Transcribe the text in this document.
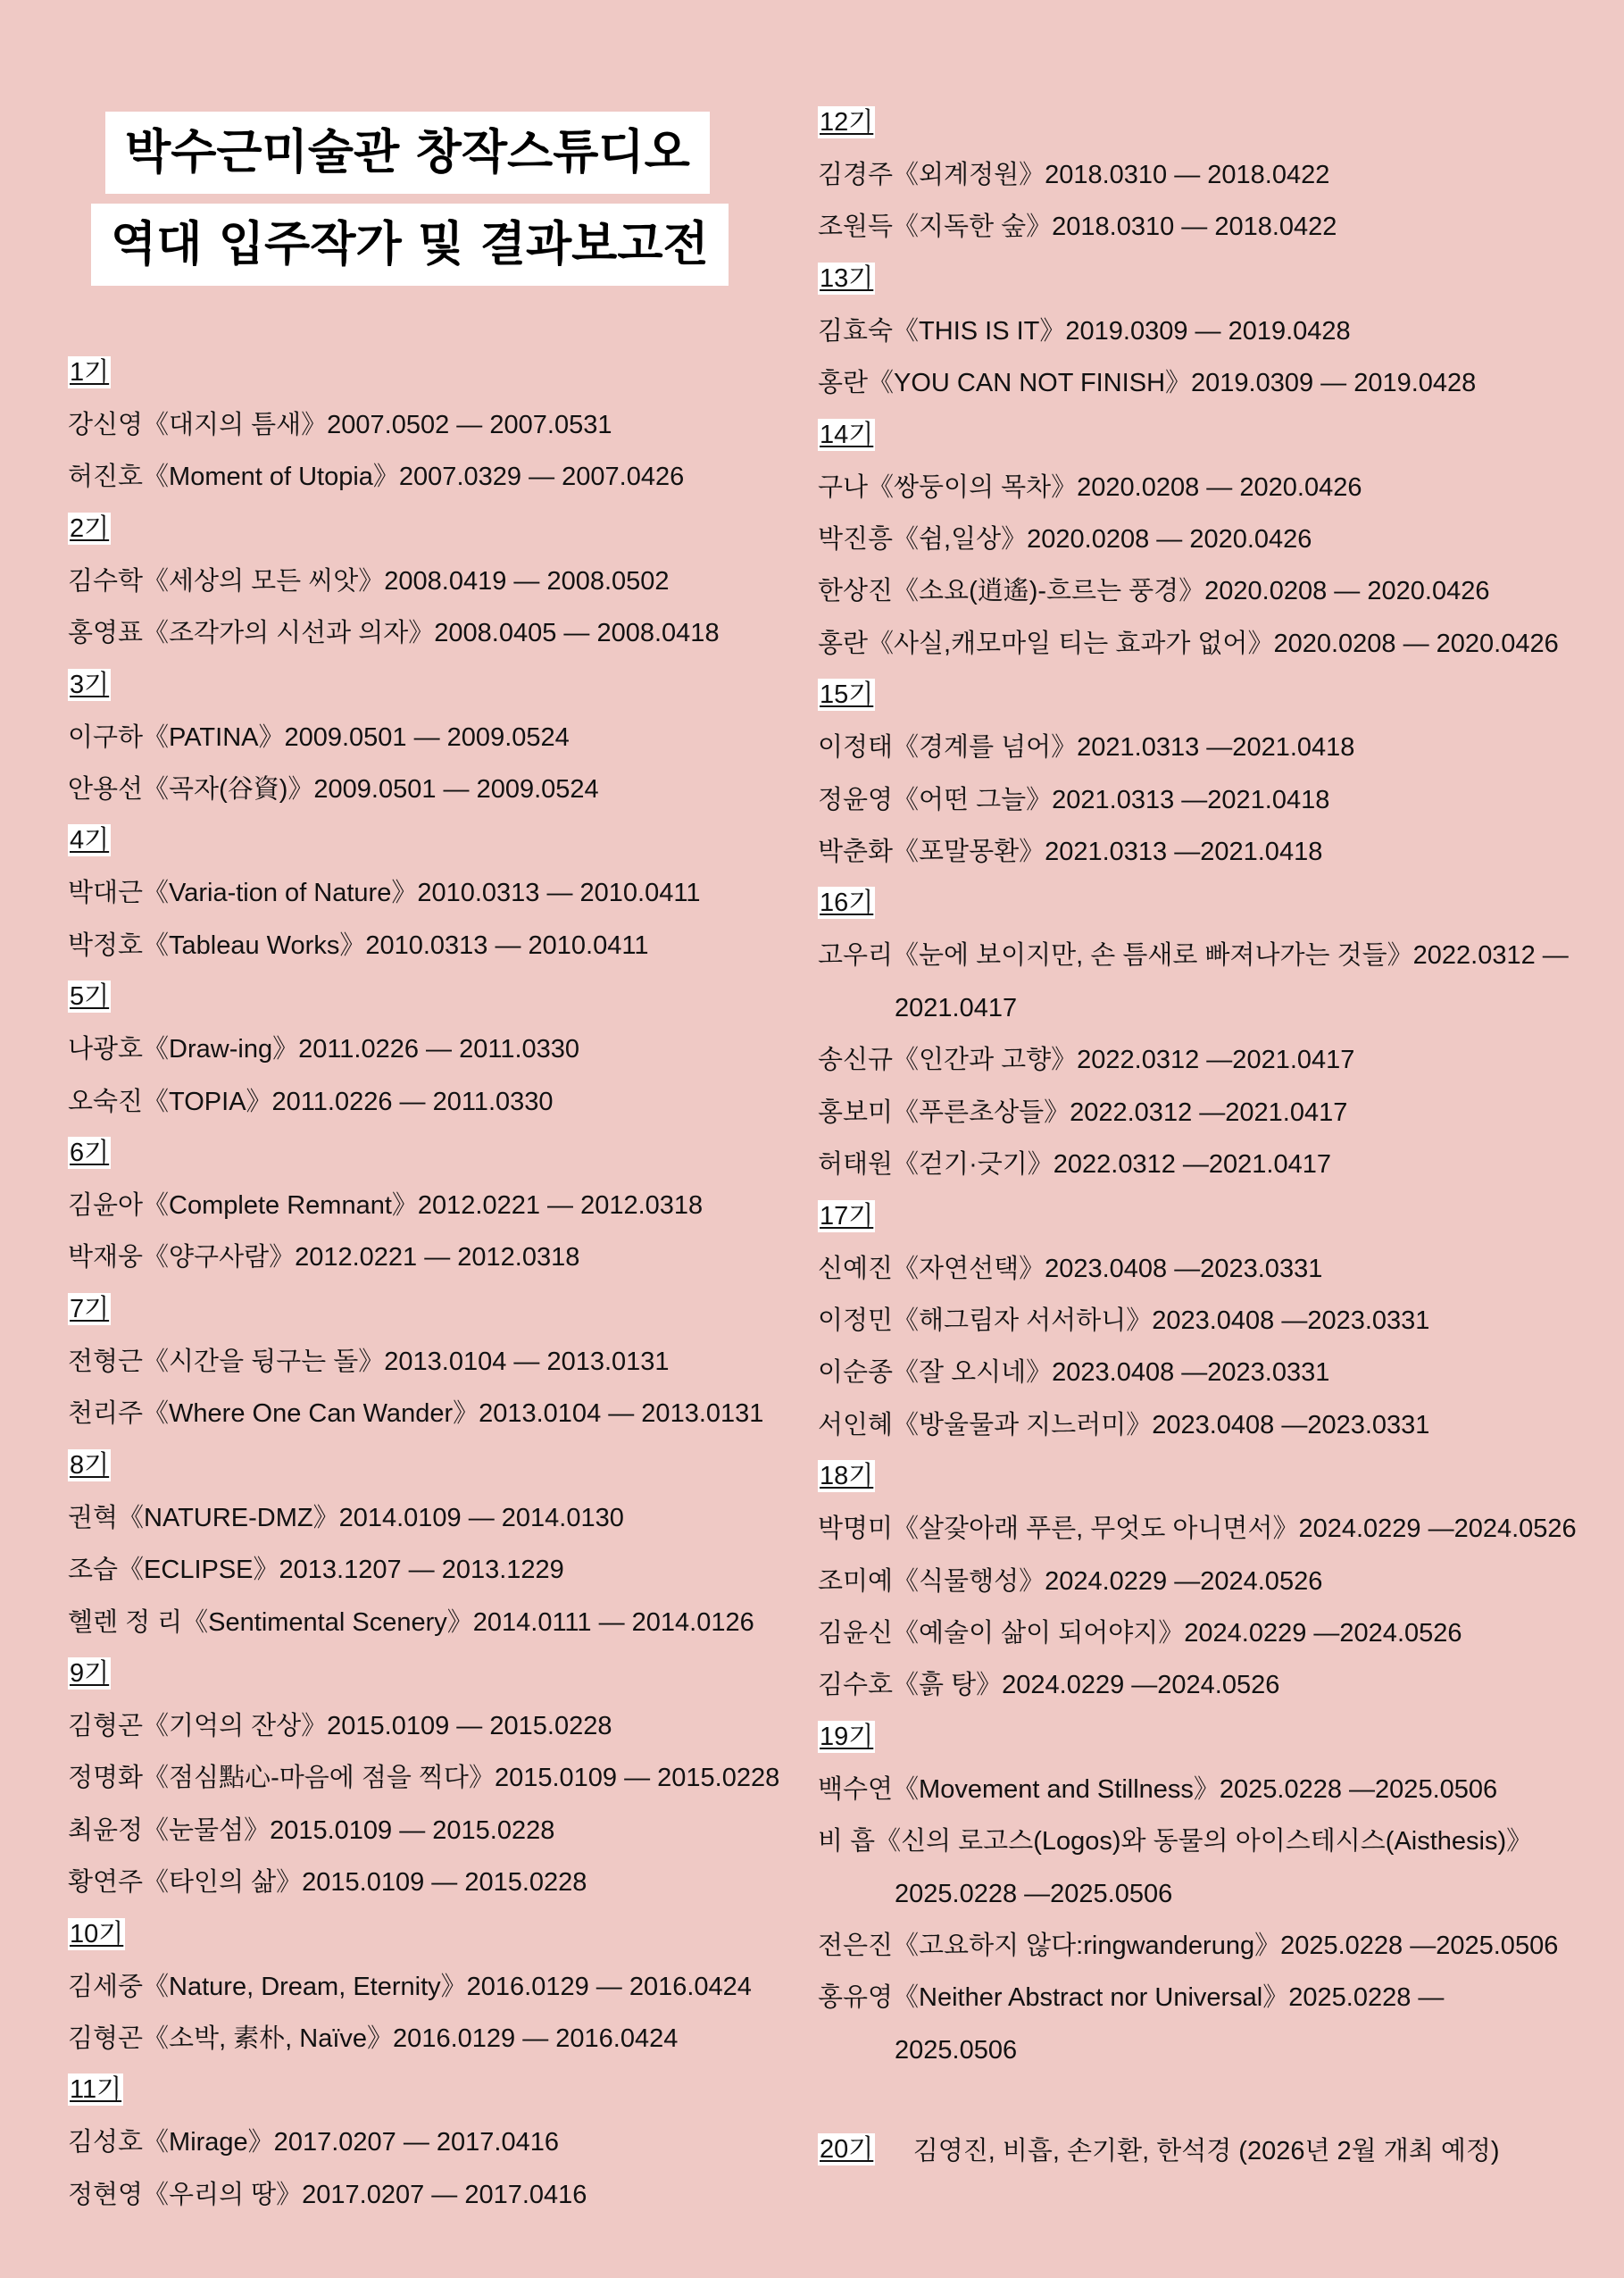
박수근미술관 창작스튜디오
역대 입주작가 및 결과보고전
1기
강신영《대지의 틈새》2007.0502 — 2007.0531
허진호《Moment of Utopia》2007.0329 — 2007.0426
2기
김수학《세상의 모든 씨앗》2008.0419 — 2008.0502
홍영표《조각가의 시선과 의자》2008.0405 — 2008.0418
3기
이구하《PATINA》2009.0501 — 2009.0524
안용선《곡자(谷資)》2009.0501 — 2009.0524
4기
박대근《Varia-tion of Nature》2010.0313 — 2010.0411
박정호《Tableau Works》2010.0313 — 2010.0411
5기
나광호《Draw-ing》2011.0226 — 2011.0330
오숙진《TOPIA》2011.0226 — 2011.0330
6기
김윤아《Complete Remnant》2012.0221 — 2012.0318
박재웅《양구사람》2012.0221 — 2012.0318
7기
전형근《시간을 뒹구는 돌》2013.0104 — 2013.0131
천리주《Where One Can Wander》2013.0104 — 2013.0131
8기
권혁《NATURE-DMZ》2014.0109 — 2014.0130
조습《ECLIPSE》2013.1207 — 2013.1229
헬렌 정 리《Sentimental Scenery》2014.0111 — 2014.0126
9기
김형곤《기억의 잔상》2015.0109 — 2015.0228
정명화《점심點心-마음에 점을 찍다》2015.0109 — 2015.0228
최윤정《눈물섬》2015.0109 — 2015.0228
황연주《타인의 삶》2015.0109 — 2015.0228
10기
김세중《Nature, Dream, Eternity》2016.0129 — 2016.0424
김형곤《소박, 素朴, Naïve》2016.0129 — 2016.0424
11기
김성호《Mirage》2017.0207 — 2017.0416
정현영《우리의 땅》2017.0207 — 2017.0416
12기
김경주《외계정원》2018.0310 — 2018.0422
조원득《지독한 숲》2018.0310 — 2018.0422
13기
김효숙《THIS IS IT》2019.0309 — 2019.0428
홍란《YOU CAN NOT FINISH》2019.0309 — 2019.0428
14기
구나《쌍둥이의 목차》2020.0208 — 2020.0426
박진흥《쉼,일상》2020.0208 — 2020.0426
한상진《소요(逍遙)-흐르는 풍경》2020.0208 — 2020.0426
홍란《사실,캐모마일 티는 효과가 없어》2020.0208 — 2020.0426
15기
이정태《경계를 넘어》2021.0313 —2021.0418
정윤영《어떤 그늘》2021.0313 —2021.0418
박춘화《포말몽환》2021.0313 —2021.0418
16기
고우리《눈에 보이지만, 손 틈새로 빠져나가는 것들》2022.0312 —
2021.0417
송신규《인간과 고향》2022.0312 —2021.0417
홍보미《푸른초상들》2022.0312 —2021.0417
허태원《걷기·긋기》2022.0312 —2021.0417
17기
신예진《자연선택》2023.0408 —2023.0331
이정민《해그림자 서서하니》2023.0408 —2023.0331
이순종《잘 오시네》2023.0408 —2023.0331
서인혜《방울물과 지느러미》2023.0408 —2023.0331
18기
박명미《살갗아래 푸른, 무엇도 아니면서》2024.0229 —2024.0526
조미예《식물행성》2024.0229 —2024.0526
김윤신《예술이 삶이 되어야지》2024.0229 —2024.0526
김수호《흙 탕》2024.0229 —2024.0526
19기
백수연《Movement and Stillness》2025.0228 —2025.0506
비 흡《신의 로고스(Logos)와 동물의 아이스테시스(Aisthesis)》
2025.0228 —2025.0506
전은진《고요하지 않다:ringwanderung》2025.0228 —2025.0506
홍유영《Neither Abstract nor Universal》2025.0228 —
2025.0506
20기 김영진, 비흡, 손기환, 한석경 (2026년 2월 개최 예정)
